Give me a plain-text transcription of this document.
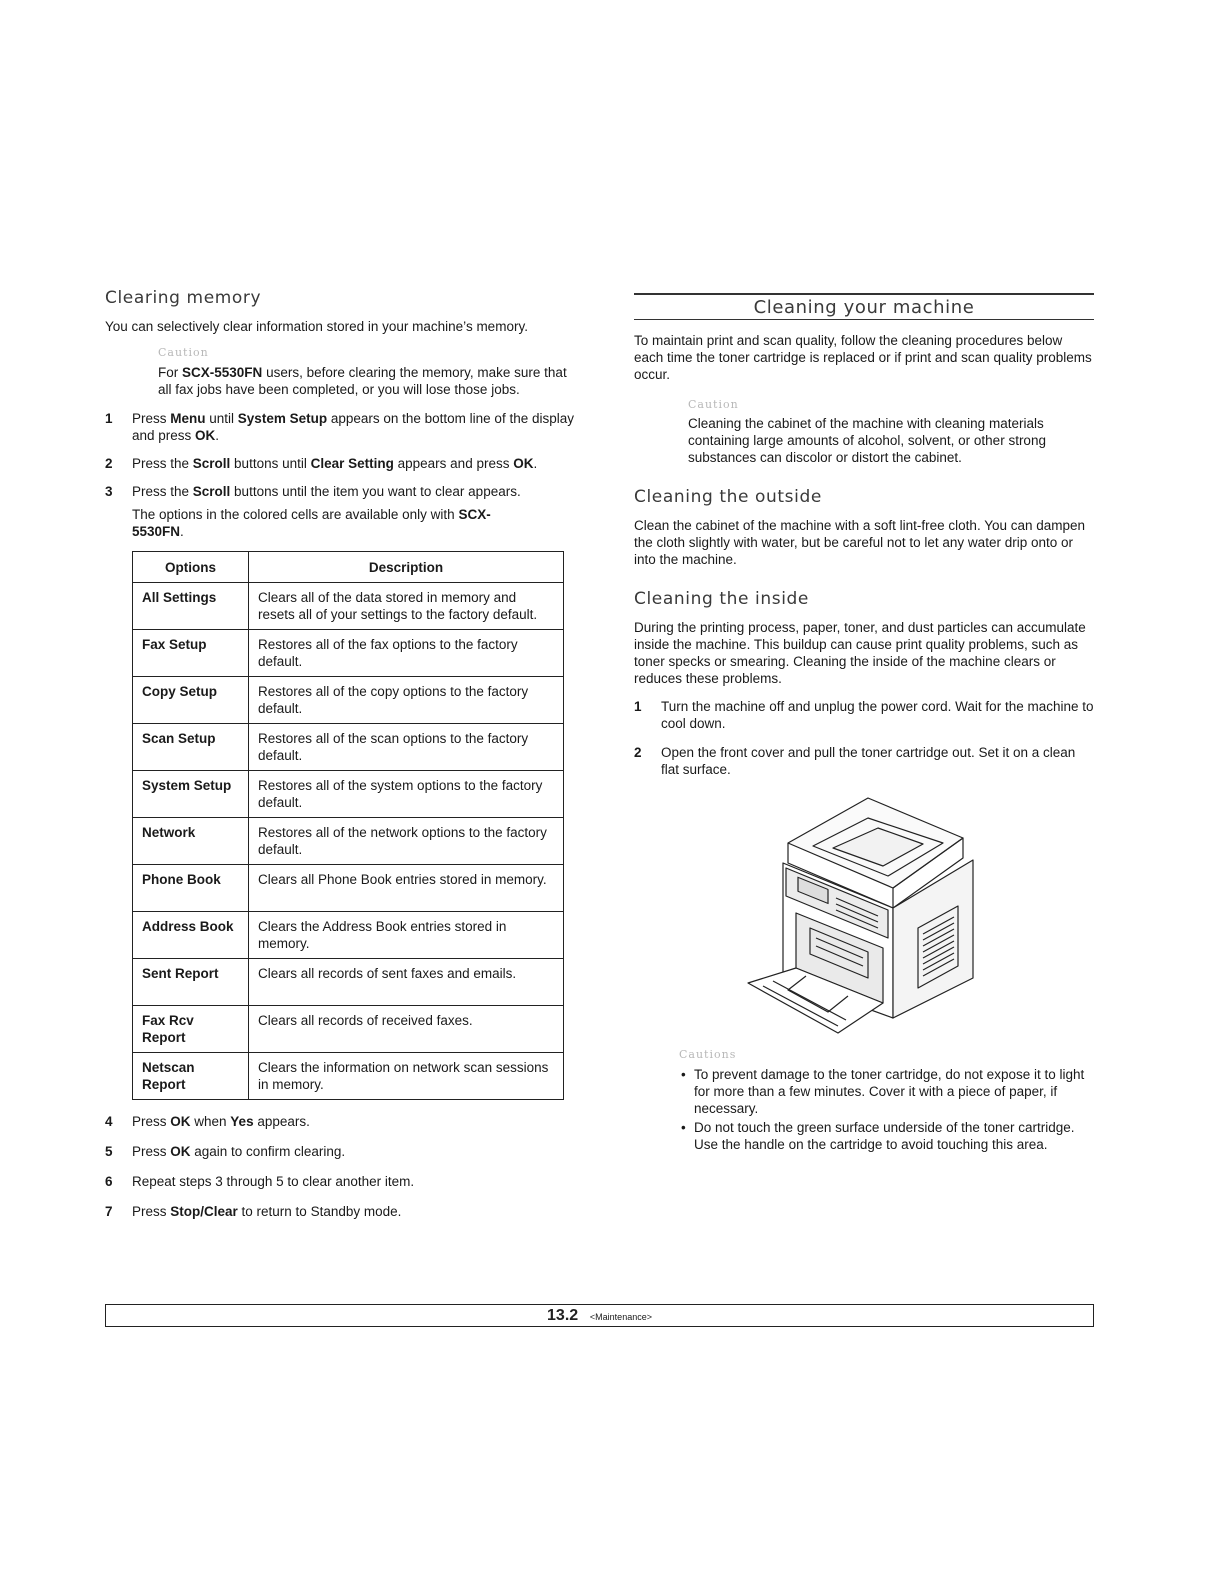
Clearing memory

You can selectively clear information stored in your machine’s memory.

Caution

For SCX-5530FN users, before clearing the memory, make sure that all fax jobs have been completed, or you will lose those jobs.

1 Press Menu until System Setup appears on the bottom line of the display and press OK.
2 Press the Scroll buttons until Clear Setting appears and press OK.
3 Press the Scroll buttons until the item you want to clear appears.

The options in the colored cells are available only with SCX-5530FN.

Options	Description
All Settings	Clears all of the data stored in memory and resets all of your settings to the factory default.
Fax Setup	Restores all of the fax options to the factory default.
Copy Setup	Restores all of the copy options to the factory default.
Scan Setup	Restores all of the scan options to the factory default.
System Setup	Restores all of the system options to the factory default.
Network	Restores all of the network options to the factory default.
Phone Book	Clears all Phone Book entries stored in memory.
Address Book	Clears the Address Book entries stored in memory.
Sent Report	Clears all records of sent faxes and emails.
Fax Rcv Report	Clears all records of received faxes.
Netscan Report	Clears the information on network scan sessions in memory.
4 Press OK when Yes appears.
5 Press OK again to confirm clearing.
6 Repeat steps 3 through 5 to clear another item.
7 Press Stop/Clear to return to Standby mode.
Cleaning your machine

To maintain print and scan quality, follow the cleaning procedures below each time the toner cartridge is replaced or if print and scan quality problems occur.

Caution

Cleaning the cabinet of the machine with cleaning materials containing large amounts of alcohol, solvent, or other strong substances can discolor or distort the cabinet.

Cleaning the outside

Clean the cabinet of the machine with a soft lint-free cloth. You can dampen the cloth slightly with water, but be careful not to let any water drip onto or into the machine.

Cleaning the inside

During the printing process, paper, toner, and dust particles can accumulate inside the machine. This buildup can cause print quality problems, such as toner specks or smearing. Cleaning the inside of the machine clears or reduces these problems.

1 Turn the machine off and unplug the power cord. Wait for the machine to cool down.
2 Open the front cover and pull the toner cartridge out. Set it on a clean flat surface.
Cautions
• To prevent damage to the toner cartridge, do not expose it to light for more than a few minutes. Cover it with a piece of paper, if necessary.
• Do not touch the green surface underside of the toner cartridge. Use the handle on the cartridge to avoid touching this area.
13.2 <Maintenance>
